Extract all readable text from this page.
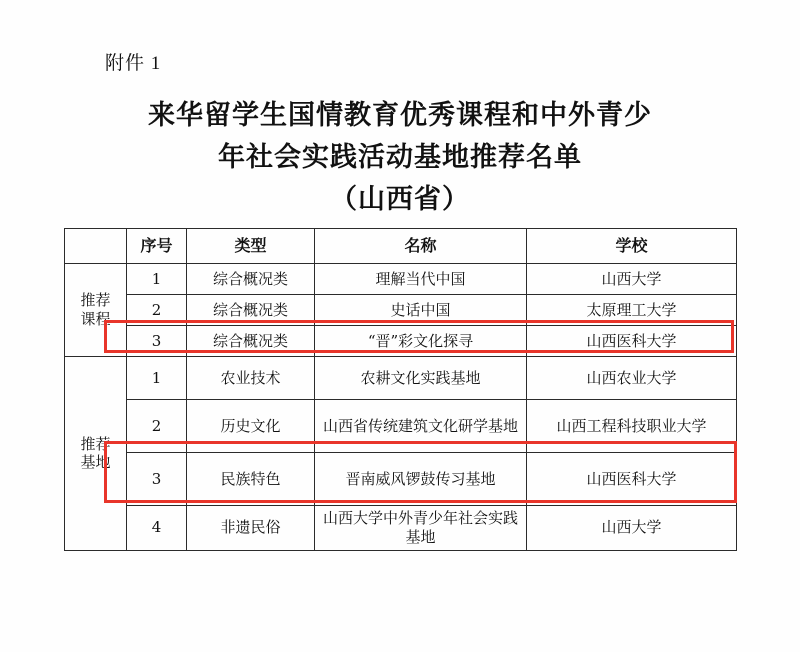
附件 1
来华留学生国情教育优秀课程和中外青少
年社会实践活动基地推荐名单
（山西省）
	序号	类型	名称	学校

推荐
课程	1	综合概况类	理解当代中国	山西大学
	2	综合概况类	史话中国	太原理工大学
	3	综合概况类	“晋”彩文化探寻	山西医科大学

推荐
基地	1	农业技术	农耕文化实践基地	山西农业大学
	2	历史文化	山西省传统建筑文化研学基地	山西工程科技职业大学
	3	民族特色	晋南威风锣鼓传习基地	山西医科大学
	4	非遗民俗	山西大学中外青少年社会实践基地	山西大学
